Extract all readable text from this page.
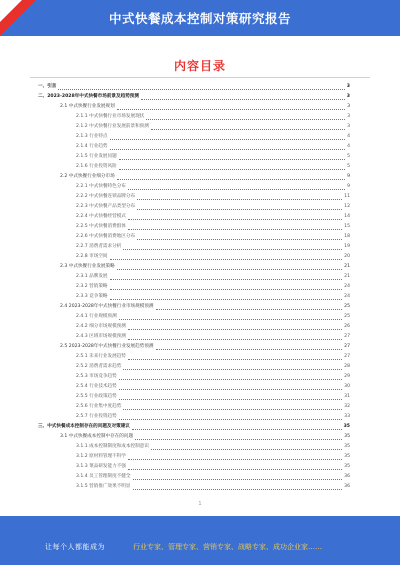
中式快餐成本控制对策研究报告
内容目录
一、引言	3
二、2023-2028年中式快餐市场前景及趋势预测	3
2.1 中式快餐行业发展规划	3
2.1.1 中式快餐行业市场发展现状	3
2.1.2 中式快餐行业发展前景和预测	3
2.1.3 行业特点	4
2.1.4 行业趋势	4
2.1.5 行业发展问题	5
2.1.6 行业投资风险	5
2.2 中式快餐行业细分市场	9
2.2.1 中式快餐特色分布	9
2.2.2 中式快餐连锁品牌分布	11
2.2.3 中式快餐产品类型分布	12
2.2.4 中式快餐经营模式	14
2.2.5 中式快餐消费群体	15
2.2.6 中式快餐消费地区分布	18
2.2.7 消费者需求分析	19
2.2.8 市场空间	20
2.3 中式快餐行业发展策略	21
2.3.1 品牌发展	21
2.3.2 营销策略	24
2.3.3 竞争策略	24
2.4 2023-2028年中式快餐行业市场规模预测	25
2.4.1 行业规模预测	25
2.4.2 细分市场规模预测	26
2.4.3 区域市场规模预测	27
2.5 2023-2028年中式快餐行业发展趋势预测	27
2.5.1 未来行业发展趋势	27
2.5.2 消费者需求趋势	28
2.5.3 市场竞争趋势	29
2.5.4 行业技术趋势	30
2.5.5 行业政策趋势	31
2.5.6 行业集中度趋势	32
2.5.7 行业投资趋势	33
三、中式快餐成本控制存在的问题及对策建议	35
3.1 中式快餐成本控制中存在的问题	35
3.1.1 成本控制制度和成本控制意识	35
3.1.2 原材料管理不科学	35
3.1.3 菜品研发能力不强	35
3.1.4 员工管理制度不健全	36
3.1.5 营销推广效果不明显	36
1
让每个人都能成为	行业专家、管理专家、营销专家、战略专家、成功企业家……
